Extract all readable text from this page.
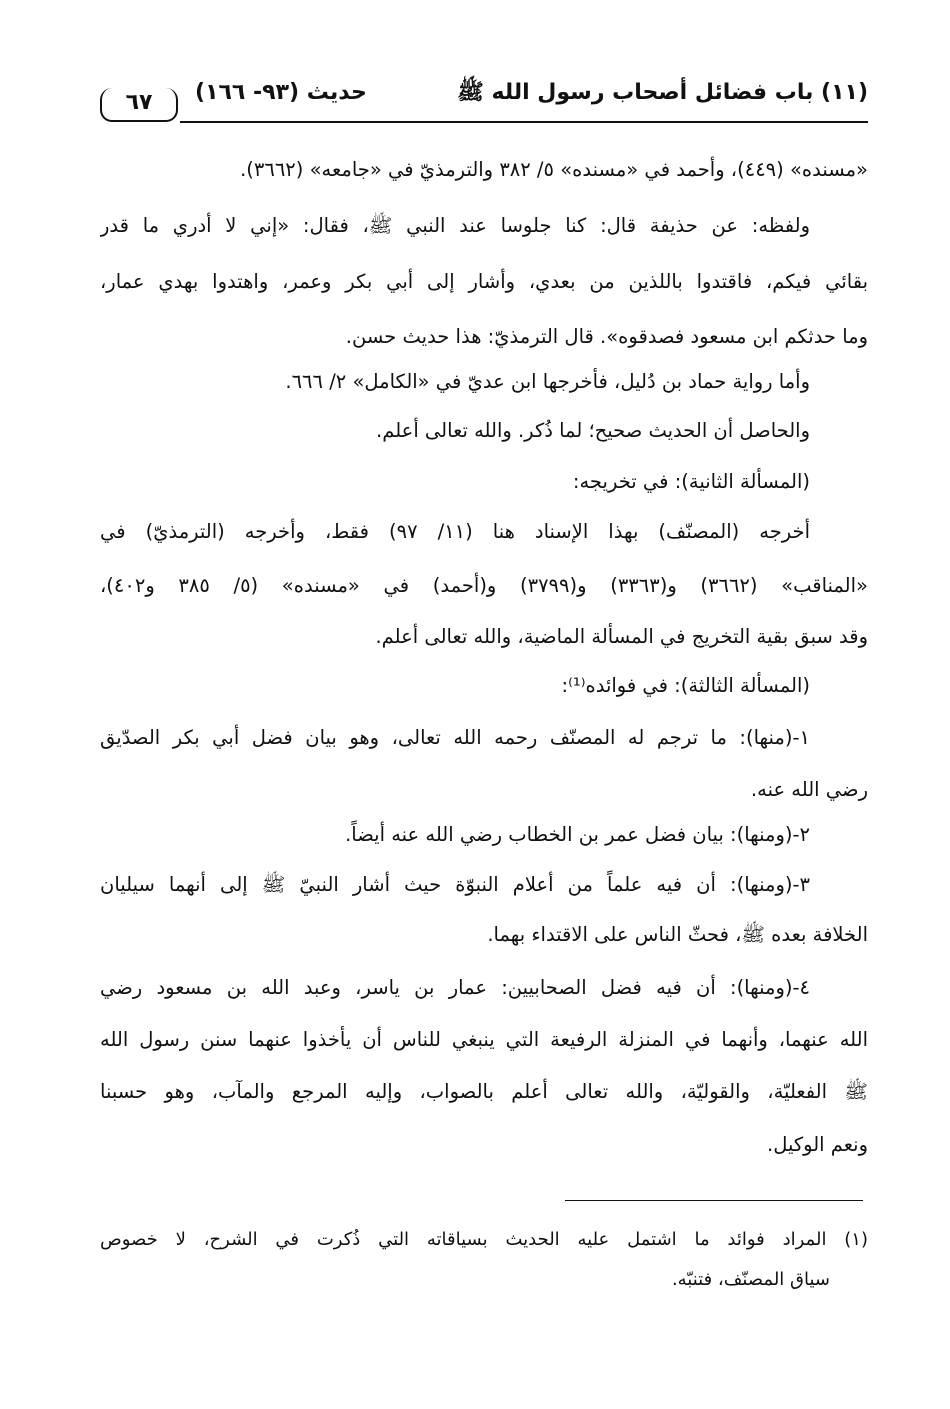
٦٧	حديث (٩٣- ١٦٦)	(١١) باب فضائل أصحاب رسول الله ﷺ
«مسنده» (٤٤٩)، وأحمد في «مسنده» ٥/ ٣٨٢ والترمذيّ في «جامعه» (٣٦٦٢).
ولفظه: عن حذيفة قال: كنا جلوسا عند النبي ﷺ، فقال: «إني لا أدري ما قدر
بقائي فيكم، فاقتدوا باللذين من بعدي، وأشار إلى أبي بكر وعمر، واهتدوا بهدي عمار،
وما حدثكم ابن مسعود فصدقوه». قال الترمذيّ: هذا حديث حسن.
وأما رواية حماد بن دُليل، فأخرجها ابن عديّ في «الكامل» ٢/ ٦٦٦.
والحاصل أن الحديث صحيح؛ لما ذُكر. والله تعالى أعلم.
(المسألة الثانية): في تخريجه:
أخرجه (المصنّف) بهذا الإسناد هنا (١١/ ٩٧) فقط، وأخرجه (الترمذيّ) في
«المناقب» (٣٦٦٢) و(٣٣٦٣) و(٣٧٩٩) و(أحمد) في «مسنده» (٥/ ٣٨٥ و٤٠٢)،
وقد سبق بقية التخريج في المسألة الماضية، والله تعالى أعلم.
(المسألة الثالثة): في فوائده⁽¹⁾:
١-(منها): ما ترجم له المصنّف رحمه الله تعالى، وهو بيان فضل أبي بكر الصدّيق
رضي الله عنه.
٢-(ومنها): بيان فضل عمر بن الخطاب رضي الله عنه أيضاً.
٣-(ومنها): أن فيه علماً من أعلام النبوّة حيث أشار النبيّ ﷺ إلى أنهما سيليان
الخلافة بعده ﷺ، فحثّ الناس على الاقتداء بهما.
٤-(ومنها): أن فيه فضل الصحابيين: عمار بن ياسر، وعبد الله بن مسعود رضي
الله عنهما، وأنهما في المنزلة الرفيعة التي ينبغي للناس أن يأخذوا عنهما سنن رسول الله
ﷺ الفعليّة، والقوليّة، والله تعالى أعلم بالصواب، وإليه المرجع والمآب، وهو حسبنا
ونعم الوكيل.
(١) المراد فوائد ما اشتمل عليه الحديث بسياقاته التي ذُكرت في الشرح، لا خصوص
سياق المصنّف، فتنبّه.
